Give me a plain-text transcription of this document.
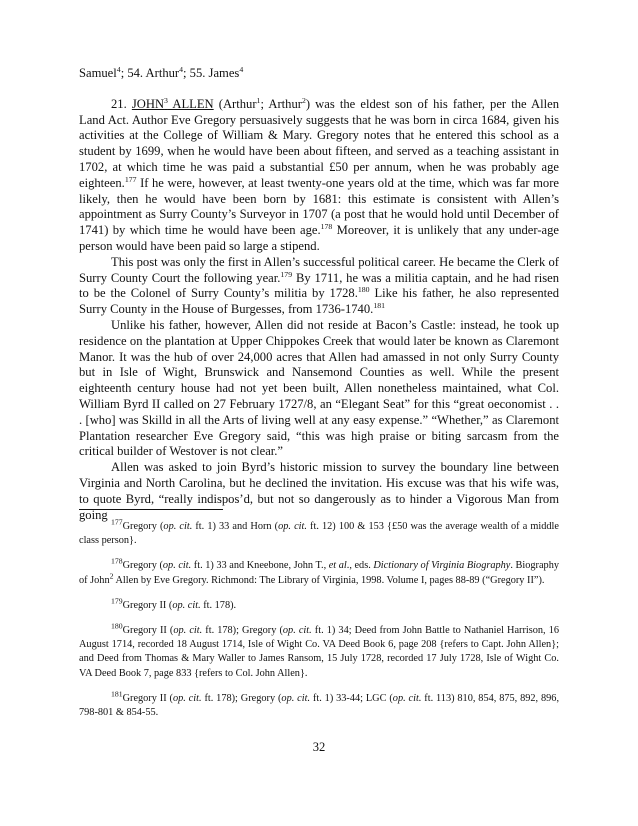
Samuel$^4$; 54. Arthur$^4$; 55. James$^4$

21. JOHN$^3$ ALLEN (Arthur$^1$; Arthur$^2$) was the eldest son of his father, per the Allen Land Act. Author Eve Gregory persuasively suggests that he was born in circa 1684, given his activities at the College of William & Mary. Gregory notes that he entered this school as a student by 1699, when he would have been about fifteen, and served as a teaching assistant in 1702, at which time he was paid a substantial £50 per annum, when he was probably age eighteen.$^{177}$ If he were, however, at least twenty-one years old at the time, which was far more likely, then he would have been born by 1681: this estimate is consistent with Allen’s appointment as Surry County’s Surveyor in 1707 (a post that he would hold until December of 1741) by which time he would have been age.$^{178}$ Moreover, it is unlikely that any under-age person would have been paid so large a stipend.

This post was only the first in Allen’s successful political career. He became the Clerk of Surry County Court the following year.$^{179}$ By 1711, he was a militia captain, and he had risen to be the Colonel of Surry County’s militia by 1728.$^{180}$ Like his father, he also represented Surry County in the House of Burgesses, from 1736-1740.$^{181}$

Unlike his father, however, Allen did not reside at Bacon’s Castle: instead, he took up residence on the plantation at Upper Chippokes Creek that would later be known as Claremont Manor. It was the hub of over 24,000 acres that Allen had amassed in not only Surry County but in Isle of Wight, Brunswick and Nansemond Counties as well. While the present eighteenth century house had not yet been built, Allen nonetheless maintained, what Col. William Byrd II called on 27 February 1727/8, an “Elegant Seat” for this “great oeconomist . . . [who] was Skilld in all the Arts of living well at any easy expense.” “Whether,” as Claremont Plantation researcher Eve Gregory said, “this was high praise or biting sarcasm from the critical builder of Westover is not clear.”

Allen was asked to join Byrd’s historic mission to survey the boundary line between Virginia and North Carolina, but he declined the invitation. His excuse was that his wife was, to quote Byrd, “really indispos’d, but not so dangerously as to hinder a Vigorous Man from going

$^{177}$Gregory (op. cit. ft. 1) 33 and Horn (op. cit. ft. 12) 100 & 153 {£50 was the average wealth of a middle class person}.

$^{178}$Gregory (op. cit. ft. 1) 33 and Kneebone, John T., et al., eds. Dictionary of Virginia Biography. Biography of John$^2$ Allen by Eve Gregory. Richmond: The Library of Virginia, 1998. Volume I, pages 88-89 (“Gregory II”).

$^{179}$Gregory II (op. cit. ft. 178).

$^{180}$Gregory II (op. cit. ft. 178); Gregory (op. cit. ft. 1) 34; Deed from John Battle to Nathaniel Harrison, 16 August 1714, recorded 18 August 1714, Isle of Wight Co. VA Deed Book 6, page 208 {refers to Capt. John Allen}; and Deed from Thomas & Mary Waller to James Ransom, 15 July 1728, recorded 17 July 1728, Isle of Wight Co. VA Deed Book 7, page 833 {refers to Col. John Allen}.

$^{181}$Gregory II (op. cit. ft. 178); Gregory (op. cit. ft. 1) 33-44; LGC (op. cit. ft. 113) 810, 854, 875, 892, 896, 798-801 & 854-55.

32
